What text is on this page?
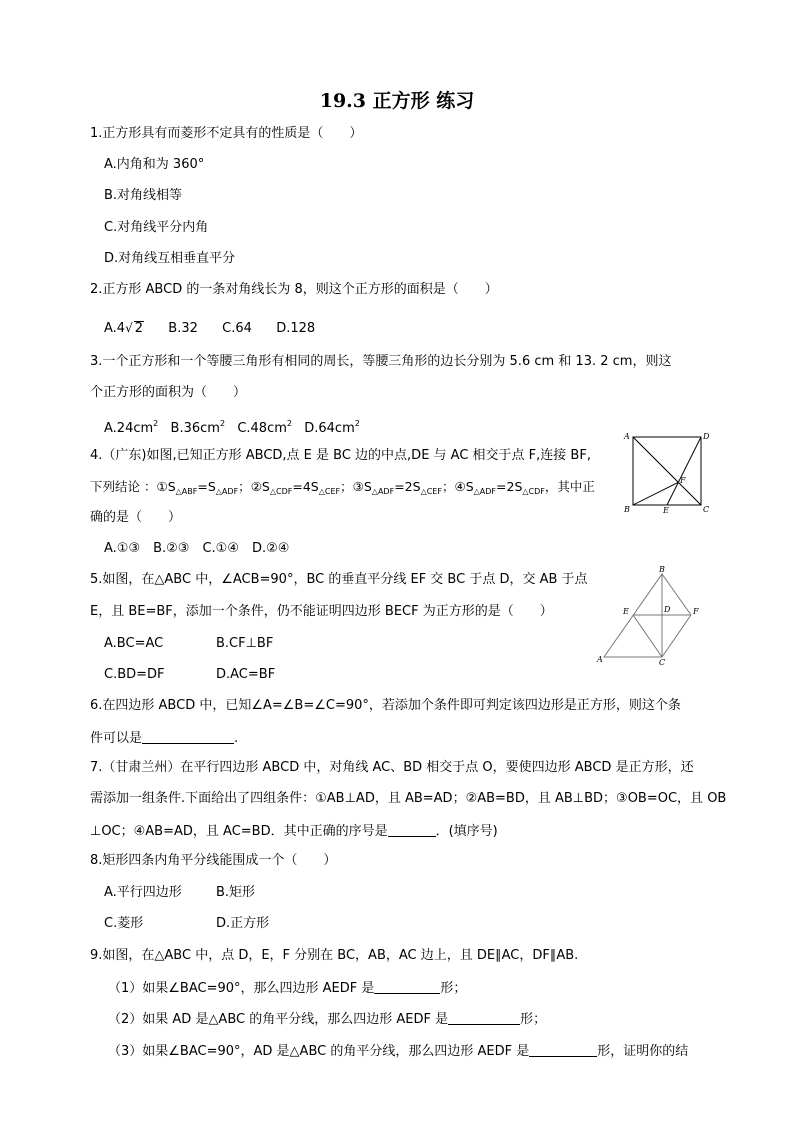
19.3 正方形 练习
1.正方形具有而菱形不定具有的性质是（　　）
A.内角和为 360°
B.对角线相等
C.对角线平分内角
D.对角线互相垂直平分
2.正方形 ABCD 的一条对角线长为 8，则这个正方形的面积是（　　）
A.4√ 2 B.32 C.64 D.128
3.一个正方形和一个等腰三角形有相同的周长，等腰三角形的边长分别为 5.6 cm 和 13. 2 cm，则这
个正方形的面积为（　　）
$A.24cm^2$ $B.36cm^2$ $C.48cm^2$ $D.64cm^2$
4.（广东)如图,已知正方形 ABCD,点 E 是 BC 边的中点,DE 与 AC 相交于点 F,连接 BF,
下列结论 ：$①S_{\triangle ABF}=S_{\triangle ADF}$；$②S_{\triangle CDF}=4S_{\triangle CEF}$；$③S_{\triangle ADF}=2S_{\triangle CEF}$；$④S_{\triangle ADF}=2S_{\triangle CDF}$，其中正
确的是（　　）
A.①③　B.②③　C.①④　D.②④
A	D
B	C
E
F
5.如图，在△ABC 中，∠ACB=90°，BC 的垂直平分线 EF 交 BC 于点 D，交 AB 于点
E，且 BE=BF，添加一个条件，仍不能证明四边形 BECF 为正方形的是（　　）
A.BC=AC	B.CF⊥BF
C.BD=DF	D.AC=BF
B
A	C
E	F
D
6.在四边形 ABCD 中，已知∠A=∠B=∠C=90°，若添加个条件即可判定该四边形是正方形，则这个条
件可以是	.
7.（甘肃兰州）在平行四边形 ABCD 中，对角线 AC、BD 相交于点 O，要使四边形 ABCD 是正方形，还
需添加一组条件.下面给出了四组条件：①AB⊥AD，且 AB=AD；②AB=BD，且 AB⊥BD；③OB=OC，且 OB
⊥OC；④AB=AD，且 AC=BD．其中正确的序号是	．(填序号)
8.矩形四条内角平分线能围成一个（　　）
A.平行四边形	B.矩形
C.菱形	D.正方形
9.如图，在△ABC 中，点 D，E，F 分别在 BC，AB，AC 边上，且 DE∥AC，DF∥AB.
（1）如果∠BAC=90°，那么四边形 AEDF 是	形；
（2）如果 AD 是△ABC 的角平分线，那么四边形 AEDF 是	形；
（3）如果∠BAC=90°，AD 是△ABC 的角平分线，那么四边形 AEDF 是	形，证明你的结
